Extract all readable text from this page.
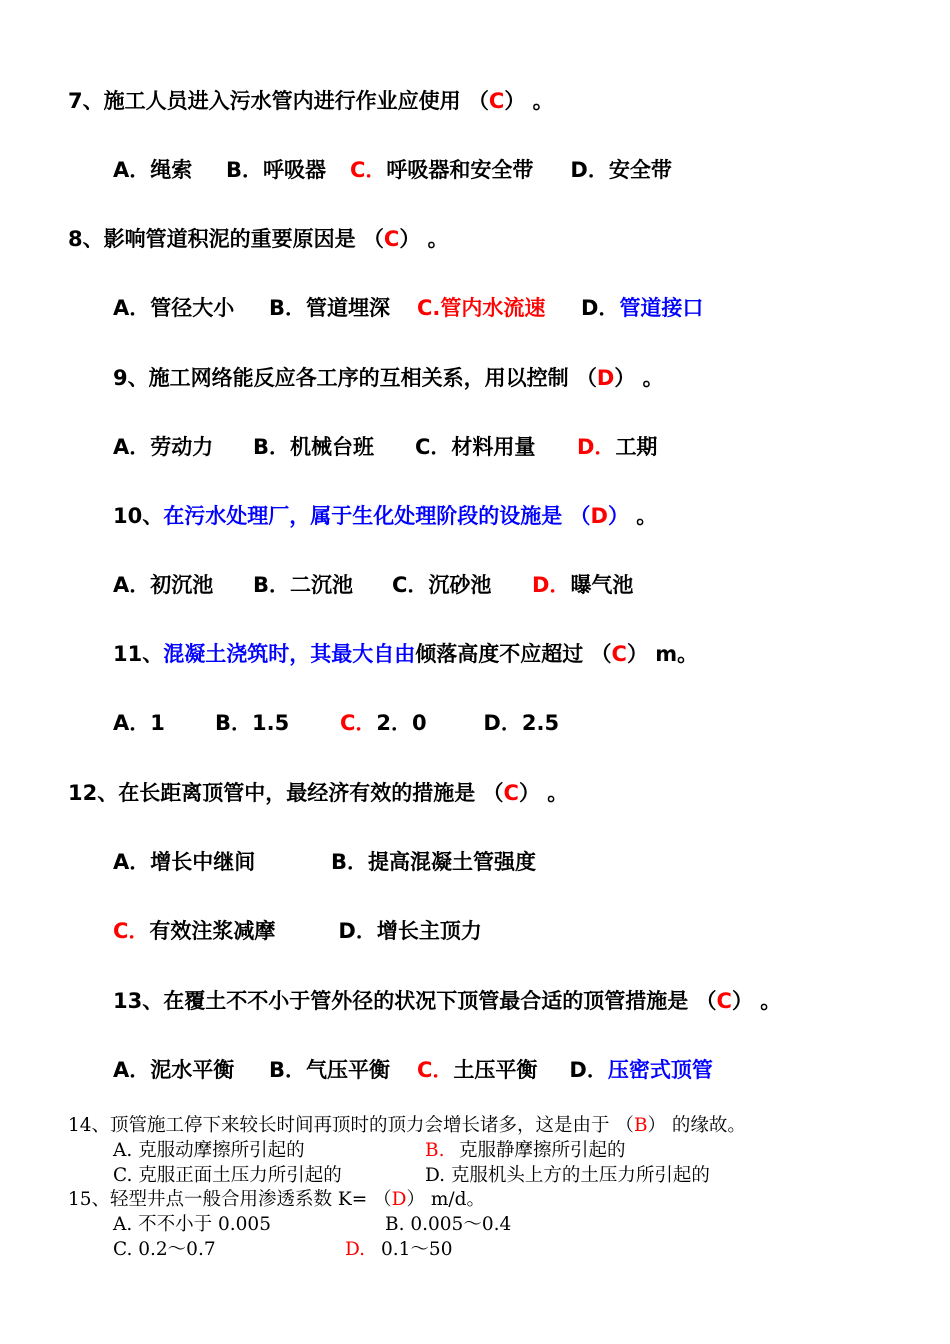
7、施工人员进入污水管内进行作业应使用 （C） 。
A．绳索 B．呼吸器 C．呼吸器和安全带 D．安全带
8、影响管道积泥的重要原因是 （C） 。
A．管径大小 B．管道埋深 C.管内水流速 D．管道接口
9、施工网络能反应各工序的互相关系，用以控制 （D） 。
A．劳动力 B．机械台班 C．材料用量 D．工期
10、在污水处理厂，属于生化处理阶段的设施是 （D） 。
A．初沉池 B．二沉池 C．沉砂池 D．曝气池
11、混凝土浇筑时，其最大自由倾落高度不应超过 （C） m。
A．1 B．1.5 C．2．0	D．2.5
12、在长距离顶管中，最经济有效的措施是 （C） 。
A．增长中继间	B．提高混凝土管强度
C．有效注浆减摩	D．增长主顶力
13、在覆土不不小于管外径的状况下顶管最合适的顶管措施是 （C） 。
A．泥水平衡 B．气压平衡 C．土压平衡 D．压密式顶管
14、顶管施工停下来较长时间再顶时的顶力会增长诸多，这是由于 （B） 的缘故。
A. 克服动摩擦所引起的	B. 克服静摩擦所引起的
C. 克服正面土压力所引起的	D. 克服机头上方的土压力所引起的
15、轻型井点一般合用渗透系数 K= （D） m/d。
A. 不不小于 0.005	B. 0.005～0.4
C. 0.2～0.7	D. 0.1～50
